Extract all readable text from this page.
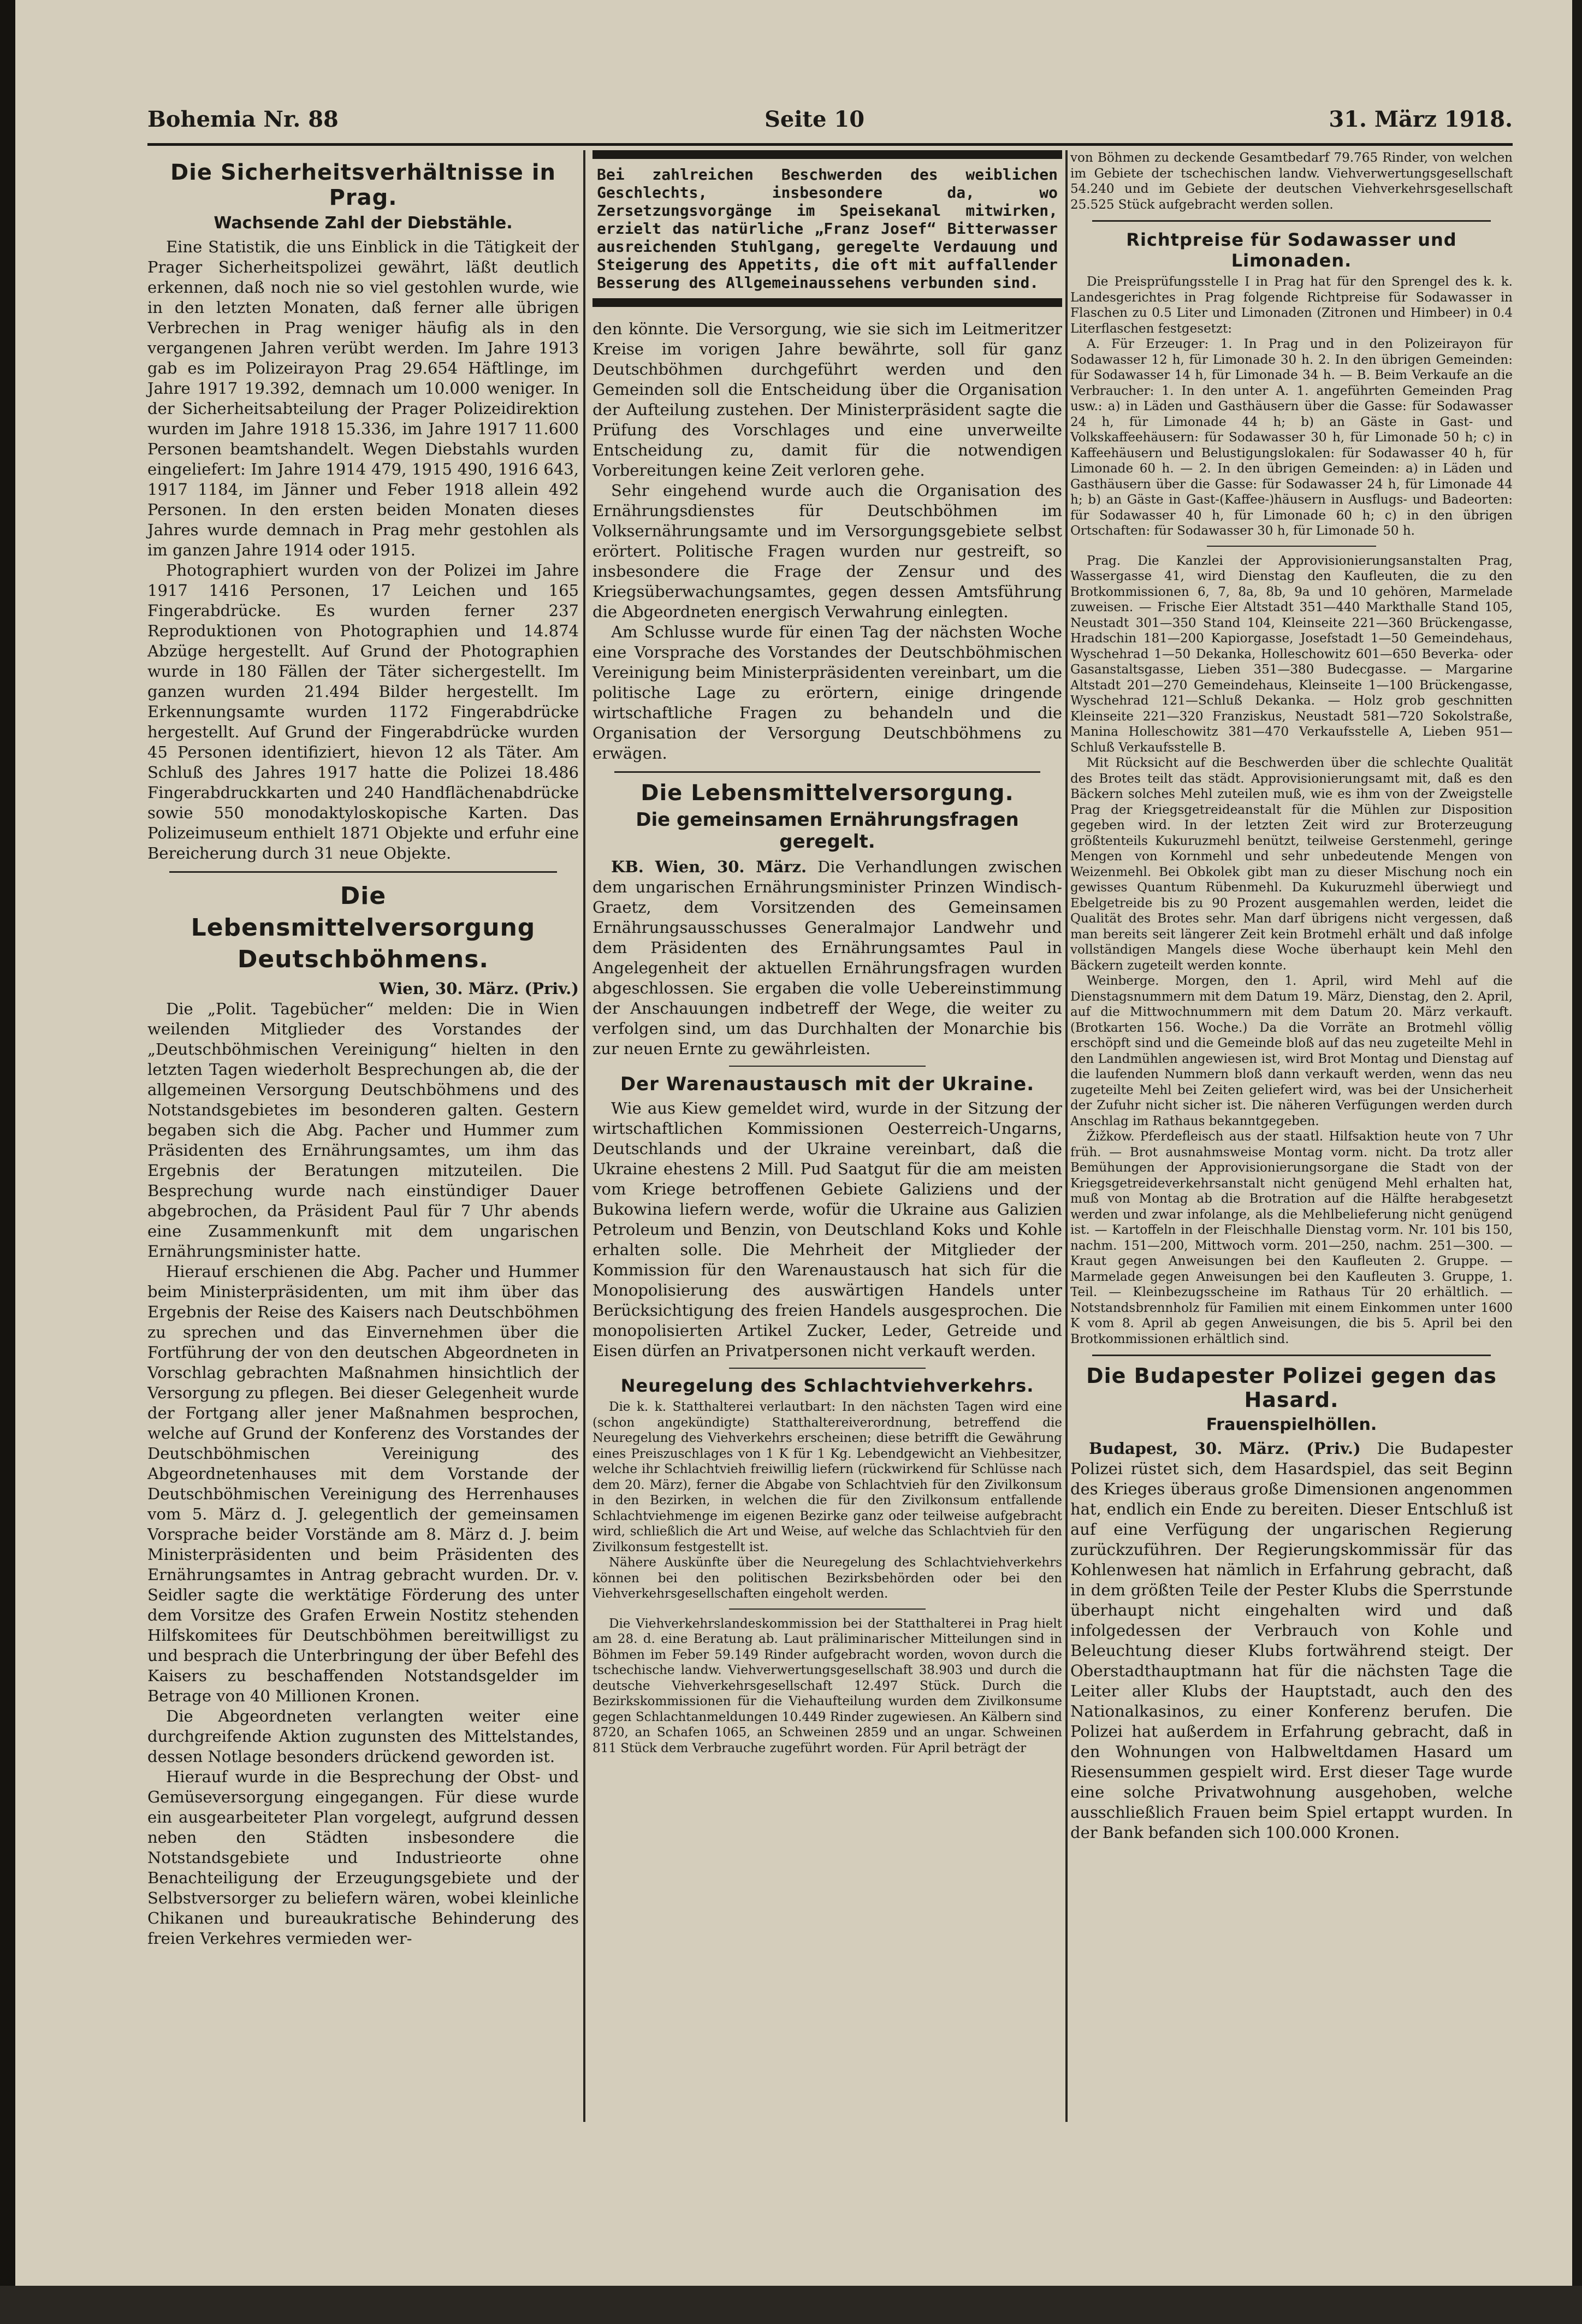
Bohemia Nr. 88	Seite 10	31. März 1918.
Die Sicherheitsverhältnisse in Prag.
Wachsende Zahl der Diebstähle.

Eine Statistik, die uns Einblick in die Tätigkeit der Prager Sicherheitspolizei gewährt, läßt deutlich erkennen, daß noch nie so viel gestohlen wurde, wie in den letzten Monaten, daß ferner alle übrigen Verbrechen in Prag weniger häufig als in den vergangenen Jahren verübt werden. Im Jahre 1913 gab es im Polizeirayon Prag 29.654 Häftlinge, im Jahre 1917 19.392, demnach um 10.000 weniger. In der Sicherheitsabteilung der Prager Polizeidirektion wurden im Jahre 1918 15.336, im Jahre 1917 11.600 Personen beamtshandelt. Wegen Diebstahls wurden eingeliefert: Im Jahre 1914 479, 1915 490, 1916 643, 1917 1184, im Jänner und Feber 1918 allein 492 Personen. In den ersten beiden Monaten dieses Jahres wurde demnach in Prag mehr gestohlen als im ganzen Jahre 1914 oder 1915.

Photographiert wurden von der Polizei im Jahre 1917 1416 Personen, 17 Leichen und 165 Fingerabdrücke. Es wurden ferner 237 Reproduktionen von Photographien und 14.874 Abzüge hergestellt. Auf Grund der Photographien wurde in 180 Fällen der Täter sichergestellt. Im ganzen wurden 21.494 Bilder hergestellt. Im Erkennungsamte wurden 1172 Fingerabdrücke hergestellt. Auf Grund der Fingerabdrücke wurden 45 Personen identifiziert, hievon 12 als Täter. Am Schluß des Jahres 1917 hatte die Polizei 18.486 Fingerabdruckkarten und 240 Handflächenabdrücke sowie 550 monodaktyloskopische Karten. Das Polizeimuseum enthielt 1871 Objekte und erfuhr eine Bereicherung durch 31 neue Objekte.

Die Lebensmittelversorgung Deutschböhmens.

Wien, 30. März. (Priv.)

Die „Polit. Tagebücher“ melden: Die in Wien weilenden Mitglieder des Vorstandes der „Deutschböhmischen Vereinigung“ hielten in den letzten Tagen wiederholt Besprechungen ab, die der allgemeinen Versorgung Deutschböhmens und des Notstandsgebietes im besonderen galten. Gestern begaben sich die Abg. Pacher und Hummer zum Präsidenten des Ernährungsamtes, um ihm das Ergebnis der Beratungen mitzuteilen. Die Besprechung wurde nach einstündiger Dauer abgebrochen, da Präsident Paul für 7 Uhr abends eine Zusammenkunft mit dem ungarischen Ernährungsminister hatte.

Hierauf erschienen die Abg. Pacher und Hummer beim Ministerpräsidenten, um mit ihm über das Ergebnis der Reise des Kaisers nach Deutschböhmen zu sprechen und das Einvernehmen über die Fortführung der von den deutschen Abgeordneten in Vorschlag gebrachten Maßnahmen hinsichtlich der Versorgung zu pflegen. Bei dieser Gelegenheit wurde der Fortgang aller jener Maßnahmen besprochen, welche auf Grund der Konferenz des Vorstandes der Deutschböhmischen Vereinigung des Abgeordnetenhauses mit dem Vorstande der Deutschböhmischen Vereinigung des Herrenhauses vom 5. März d. J. gelegentlich der gemeinsamen Vorsprache beider Vorstände am 8. März d. J. beim Ministerpräsidenten und beim Präsidenten des Ernährungsamtes in Antrag gebracht wurden. Dr. v. Seidler sagte die werktätige Förderung des unter dem Vorsitze des Grafen Erwein Nostitz stehenden Hilfskomitees für Deutschböhmen bereitwilligst zu und besprach die Unterbringung der über Befehl des Kaisers zu beschaffenden Notstandsgelder im Betrage von 40 Millionen Kronen.

Die Abgeordneten verlangten weiter eine durchgreifende Aktion zugunsten des Mittelstandes, dessen Notlage besonders drückend geworden ist.

Hierauf wurde in die Besprechung der Obst- und Gemüseversorgung eingegangen. Für diese wurde ein ausgearbeiteter Plan vorgelegt, aufgrund dessen neben den Städten insbesondere die Notstandsgebiete und Industrieorte ohne Benachteiligung der Erzeugungsgebiete und der Selbstversorger zu beliefern wären, wobei kleinliche Chikanen und bureaukratische Behinderung des freien Verkehres vermieden wer-

Bei zahlreichen Beschwerden des weiblichen Geschlechts, insbesondere da, wo Zersetzungsvorgänge im Speisekanal mitwirken, erzielt das natürliche „Franz Josef“ Bitterwasser ausreichenden Stuhlgang, geregelte Verdauung und Steigerung des Appetits, die oft mit auffallender Besserung des Allgemeinaussehens verbunden sind.

den könnte. Die Versorgung, wie sie sich im Leitmeritzer Kreise im vorigen Jahre bewährte, soll für ganz Deutschböhmen durchgeführt werden und den Gemeinden soll die Entscheidung über die Organisation der Aufteilung zustehen. Der Ministerpräsident sagte die Prüfung des Vorschlages und eine unverweilte Entscheidung zu, damit für die notwendigen Vorbereitungen keine Zeit verloren gehe.

Sehr eingehend wurde auch die Organisation des Ernährungsdienstes für Deutschböhmen im Volksernährungsamte und im Versorgungsgebiete selbst erörtert. Politische Fragen wurden nur gestreift, so insbesondere die Frage der Zensur und des Kriegsüberwachungsamtes, gegen dessen Amtsführung die Abgeordneten energisch Verwahrung einlegten.

Am Schlusse wurde für einen Tag der nächsten Woche eine Vorsprache des Vorstandes der Deutschböhmischen Vereinigung beim Ministerpräsidenten vereinbart, um die politische Lage zu erörtern, einige dringende wirtschaftliche Fragen zu behandeln und die Organisation der Versorgung Deutschböhmens zu erwägen.

Die Lebensmittelversorgung.
Die gemeinsamen Ernährungsfragen geregelt.

KB. Wien, 30. März. Die Verhandlungen zwischen dem ungarischen Ernährungsminister Prinzen Windisch-Graetz, dem Vorsitzenden des Gemeinsamen Ernährungsausschusses Generalmajor Landwehr und dem Präsidenten des Ernährungsamtes Paul in Angelegenheit der aktuellen Ernährungsfragen wurden abgeschlossen. Sie ergaben die volle Uebereinstimmung der Anschauungen indbetreff der Wege, die weiter zu verfolgen sind, um das Durchhalten der Monarchie bis zur neuen Ernte zu gewährleisten.

Der Warenaustausch mit der Ukraine.

Wie aus Kiew gemeldet wird, wurde in der Sitzung der wirtschaftlichen Kommissionen Oesterreich-Ungarns, Deutschlands und der Ukraine vereinbart, daß die Ukraine ehestens 2 Mill. Pud Saatgut für die am meisten vom Kriege betroffenen Gebiete Galiziens und der Bukowina liefern werde, wofür die Ukraine aus Galizien Petroleum und Benzin, von Deutschland Koks und Kohle erhalten solle. Die Mehrheit der Mitglieder der Kommission für den Warenaustausch hat sich für die Monopolisierung des auswärtigen Handels unter Berücksichtigung des freien Handels ausgesprochen. Die monopolisierten Artikel Zucker, Leder, Getreide und Eisen dürfen an Privatpersonen nicht verkauft werden.

Neuregelung des Schlachtviehverkehrs.

Die k. k. Statthalterei verlautbart: In den nächsten Tagen wird eine (schon angekündigte) Statthaltereiverordnung, betreffend die Neuregelung des Viehverkehrs erscheinen; diese betrifft die Gewährung eines Preiszuschlages von 1 K für 1 Kg. Lebendgewicht an Viehbesitzer, welche ihr Schlachtvieh freiwillig liefern (rückwirkend für Schlüsse nach dem 20. März), ferner die Abgabe von Schlachtvieh für den Zivilkonsum in den Bezirken, in welchen die für den Zivilkonsum entfallende Schlachtviehmenge im eigenen Bezirke ganz oder teilweise aufgebracht wird, schließlich die Art und Weise, auf welche das Schlachtvieh für den Zivilkonsum festgestellt ist.

Nähere Auskünfte über die Neuregelung des Schlachtviehverkehrs können bei den politischen Bezirksbehörden oder bei den Viehverkehrsgesellschaften eingeholt werden.

Die Viehverkehrslandeskommission bei der Statthalterei in Prag hielt am 28. d. eine Beratung ab. Laut präliminarischer Mitteilungen sind in Böhmen im Feber 59.149 Rinder aufgebracht worden, wovon durch die tschechische landw. Viehverwertungsgesellschaft 38.903 und durch die deutsche Viehverkehrsgesellschaft 12.497 Stück. Durch die Bezirkskommissionen für die Viehaufteilung wurden dem Zivilkonsume gegen Schlachtanmeldungen 10.449 Rinder zugewiesen. An Kälbern sind 8720, an Schafen 1065, an Schweinen 2859 und an ungar. Schweinen 811 Stück dem Verbrauche zugeführt worden. Für April beträgt der

von Böhmen zu deckende Gesamtbedarf 79.765 Rinder, von welchen im Gebiete der tschechischen landw. Viehverwertungsgesellschaft 54.240 und im Gebiete der deutschen Viehverkehrsgesellschaft 25.525 Stück aufgebracht werden sollen.

Richtpreise für Sodawasser und Limonaden.

Die Preisprüfungsstelle I in Prag hat für den Sprengel des k. k. Landesgerichtes in Prag folgende Richtpreise für Sodawasser in Flaschen zu 0.5 Liter und Limonaden (Zitronen und Himbeer) in 0.4 Literflaschen festgesetzt:

A. Für Erzeuger: 1. In Prag und in den Polizeirayon für Sodawasser 12 h, für Limonade 30 h. 2. In den übrigen Gemeinden: für Sodawasser 14 h, für Limonade 34 h. — B. Beim Verkaufe an die Verbraucher: 1. In den unter A. 1. angeführten Gemeinden Prag usw.: a) in Läden und Gasthäusern über die Gasse: für Sodawasser 24 h, für Limonade 44 h; b) an Gäste in Gast- und Volkskaffeehäusern: für Sodawasser 30 h, für Limonade 50 h; c) in Kaffeehäusern und Belustigungslokalen: für Sodawasser 40 h, für Limonade 60 h. — 2. In den übrigen Gemeinden: a) in Läden und Gasthäusern über die Gasse: für Sodawasser 24 h, für Limonade 44 h; b) an Gäste in Gast-(Kaffee-)häusern in Ausflugs- und Badeorten: für Sodawasser 40 h, für Limonade 60 h; c) in den übrigen Ortschaften: für Sodawasser 30 h, für Limonade 50 h.

Prag. Die Kanzlei der Approvisionierungsanstalten Prag, Wassergasse 41, wird Dienstag den Kaufleuten, die zu den Brotkommissionen 6, 7, 8a, 8b, 9a und 10 gehören, Marmelade zuweisen. — Frische Eier Altstadt 351—440 Markthalle Stand 105, Neustadt 301—350 Stand 104, Kleinseite 221—360 Brückengasse, Hradschin 181—200 Kapiorgasse, Josefstadt 1—50 Gemeindehaus, Wyschehrad 1—50 Dekanka, Holleschowitz 601—650 Beverka- oder Gasanstaltsgasse, Lieben 351—380 Budecgasse. — Margarine Altstadt 201—270 Gemeindehaus, Kleinseite 1—100 Brückengasse, Wyschehrad 121—Schluß Dekanka. — Holz grob geschnitten Kleinseite 221—320 Franziskus, Neustadt 581—720 Sokolstraße, Manina Holleschowitz 381—470 Verkaufsstelle A, Lieben 951—Schluß Verkaufsstelle B.

Mit Rücksicht auf die Beschwerden über die schlechte Qualität des Brotes teilt das städt. Approvisionierungsamt mit, daß es den Bäckern solches Mehl zuteilen muß, wie es ihm von der Zweigstelle Prag der Kriegsgetreideanstalt für die Mühlen zur Disposition gegeben wird. In der letzten Zeit wird zur Broterzeugung größtenteils Kukuruzmehl benützt, teilweise Gerstenmehl, geringe Mengen von Kornmehl und sehr unbedeutende Mengen von Weizenmehl. Bei Obkolek gibt man zu dieser Mischung noch ein gewisses Quantum Rübenmehl. Da Kukuruzmehl überwiegt und Ebelgetreide bis zu 90 Prozent ausgemahlen werden, leidet die Qualität des Brotes sehr. Man darf übrigens nicht vergessen, daß man bereits seit längerer Zeit kein Brotmehl erhält und daß infolge vollständigen Mangels diese Woche überhaupt kein Mehl den Bäckern zugeteilt werden konnte.

Weinberge. Morgen, den 1. April, wird Mehl auf die Dienstagsnummern mit dem Datum 19. März, Dienstag, den 2. April, auf die Mittwochnummern mit dem Datum 20. März verkauft. (Brotkarten 156. Woche.) Da die Vorräte an Brotmehl völlig erschöpft sind und die Gemeinde bloß auf das neu zugeteilte Mehl in den Landmühlen angewiesen ist, wird Brot Montag und Dienstag auf die laufenden Nummern bloß dann verkauft werden, wenn das neu zugeteilte Mehl bei Zeiten geliefert wird, was bei der Unsicherheit der Zufuhr nicht sicher ist. Die näheren Verfügungen werden durch Anschlag im Rathaus bekanntgegeben.

Žižkow. Pferdefleisch aus der staatl. Hilfsaktion heute von 7 Uhr früh. — Brot ausnahmsweise Montag vorm. nicht. Da trotz aller Bemühungen der Approvisionierungsorgane die Stadt von der Kriegsgetreideverkehrsanstalt nicht genügend Mehl erhalten hat, muß von Montag ab die Brotration auf die Hälfte herabgesetzt werden und zwar infolange, als die Mehlbelieferung nicht genügend ist. — Kartoffeln in der Fleischhalle Dienstag vorm. Nr. 101 bis 150, nachm. 151—200, Mittwoch vorm. 201—250, nachm. 251—300. — Kraut gegen Anweisungen bei den Kaufleuten 2. Gruppe. — Marmelade gegen Anweisungen bei den Kaufleuten 3. Gruppe, 1. Teil. — Kleinbezugsscheine im Rathaus Tür 20 erhältlich. — Notstandsbrennholz für Familien mit einem Einkommen unter 1600 K vom 8. April ab gegen Anweisungen, die bis 5. April bei den Brotkommissionen erhältlich sind.

Die Budapester Polizei gegen das Hasard.
Frauenspielhöllen.

Budapest, 30. März. (Priv.) Die Budapester Polizei rüstet sich, dem Hasardspiel, das seit Beginn des Krieges überaus große Dimensionen angenommen hat, endlich ein Ende zu bereiten. Dieser Entschluß ist auf eine Verfügung der ungarischen Regierung zurückzuführen. Der Regierungskommissär für das Kohlenwesen hat nämlich in Erfahrung gebracht, daß in dem größten Teile der Pester Klubs die Sperrstunde überhaupt nicht eingehalten wird und daß infolgedessen der Verbrauch von Kohle und Beleuchtung dieser Klubs fortwährend steigt. Der Oberstadthauptmann hat für die nächsten Tage die Leiter aller Klubs der Hauptstadt, auch den des Nationalkasinos, zu einer Konferenz berufen. Die Polizei hat außerdem in Erfahrung gebracht, daß in den Wohnungen von Halbweltdamen Hasard um Riesensummen gespielt wird. Erst dieser Tage wurde eine solche Privatwohnung ausgehoben, welche ausschließlich Frauen beim Spiel ertappt wurden. In der Bank befanden sich 100.000 Kronen.
